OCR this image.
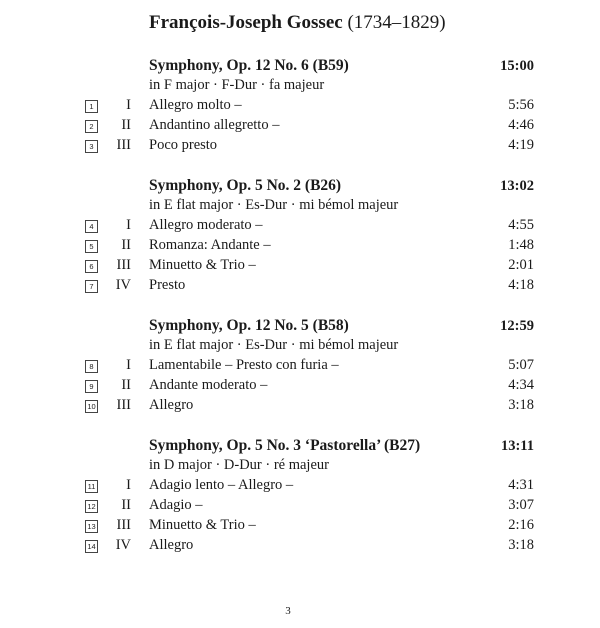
François-Joseph Gossec (1734–1829)
Symphony, Op. 12 No. 6 (B59)	15:00
in F major · F-Dur · fa majeur
1	I Allegro molto –	5:56
2	II Andantino allegretto –	4:46
3	III Poco presto	4:19
Symphony, Op. 5 No. 2 (B26)	13:02
in E flat major · Es-Dur · mi bémol majeur
4	I Allegro moderato –	4:55
5	II Romanza: Andante –	1:48
6	III Minuetto & Trio –	2:01
7	IV Presto	4:18
Symphony, Op. 12 No. 5 (B58)	12:59
in E flat major · Es-Dur · mi bémol majeur
8	I Lamentabile – Presto con furia –	5:07
9	II Andante moderato –	4:34
10	III Allegro	3:18
Symphony, Op. 5 No. 3 ‘Pastorella’ (B27)	13:11
in D major · D-Dur · ré majeur
11	I Adagio lento – Allegro –	4:31
12	II Adagio –	3:07
13	III Minuetto & Trio –	2:16
14	IV Allegro	3:18
3
